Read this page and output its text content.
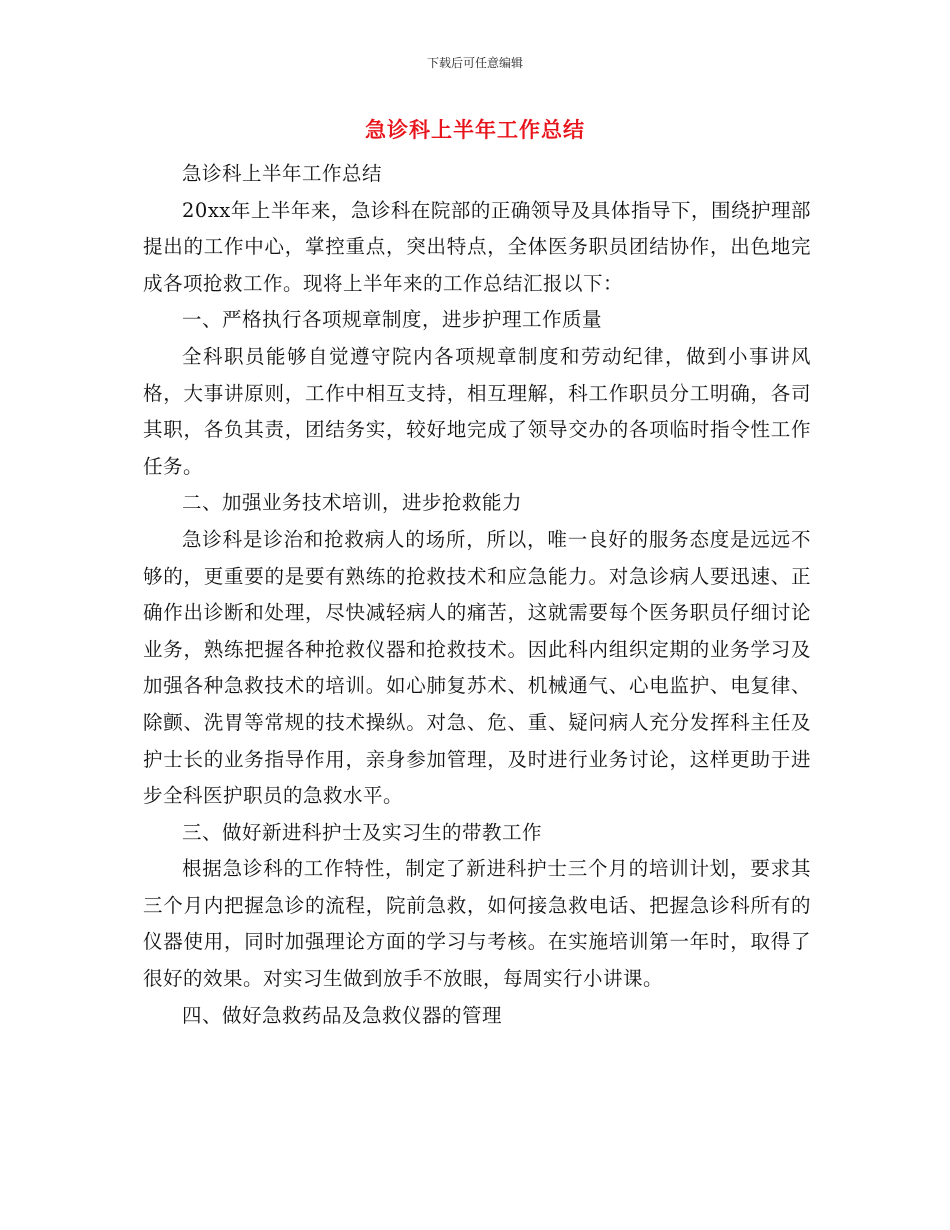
下载后可任意编辑
急诊科上半年工作总结

急诊科上半年工作总结

20xx年上半年来，急诊科在院部的正确领导及具体指导下，围绕护理部提出的工作中心，掌控重点，突出特点，全体医务职员团结协作，出色地完成各项抢救工作。现将上半年来的工作总结汇报以下：

一、严格执行各项规章制度，进步护理工作质量

全科职员能够自觉遵守院内各项规章制度和劳动纪律，做到小事讲风格，大事讲原则，工作中相互支持，相互理解，科工作职员分工明确，各司其职，各负其责，团结务实，较好地完成了领导交办的各项临时指令性工作任务。

二、加强业务技术培训，进步抢救能力

急诊科是诊治和抢救病人的场所，所以，唯一良好的服务态度是远远不够的，更重要的是要有熟练的抢救技术和应急能力。对急诊病人要迅速、正确作出诊断和处理，尽快减轻病人的痛苦，这就需要每个医务职员仔细讨论业务，熟练把握各种抢救仪器和抢救技术。因此科内组织定期的业务学习及加强各种急救技术的培训。如心肺复苏术、机械通气、心电监护、电复律、除颤、洗胃等常规的技术操纵。对急、危、重、疑问病人充分发挥科主任及护士长的业务指导作用，亲身参加管理，及时进行业务讨论，这样更助于进步全科医护职员的急救水平。

三、做好新进科护士及实习生的带教工作

根据急诊科的工作特性，制定了新进科护士三个月的培训计划，要求其三个月内把握急诊的流程，院前急救，如何接急救电话、把握急诊科所有的仪器使用，同时加强理论方面的学习与考核。在实施培训第一年时，取得了很好的效果。对实习生做到放手不放眼，每周实行小讲课。

四、做好急救药品及急救仪器的管理
